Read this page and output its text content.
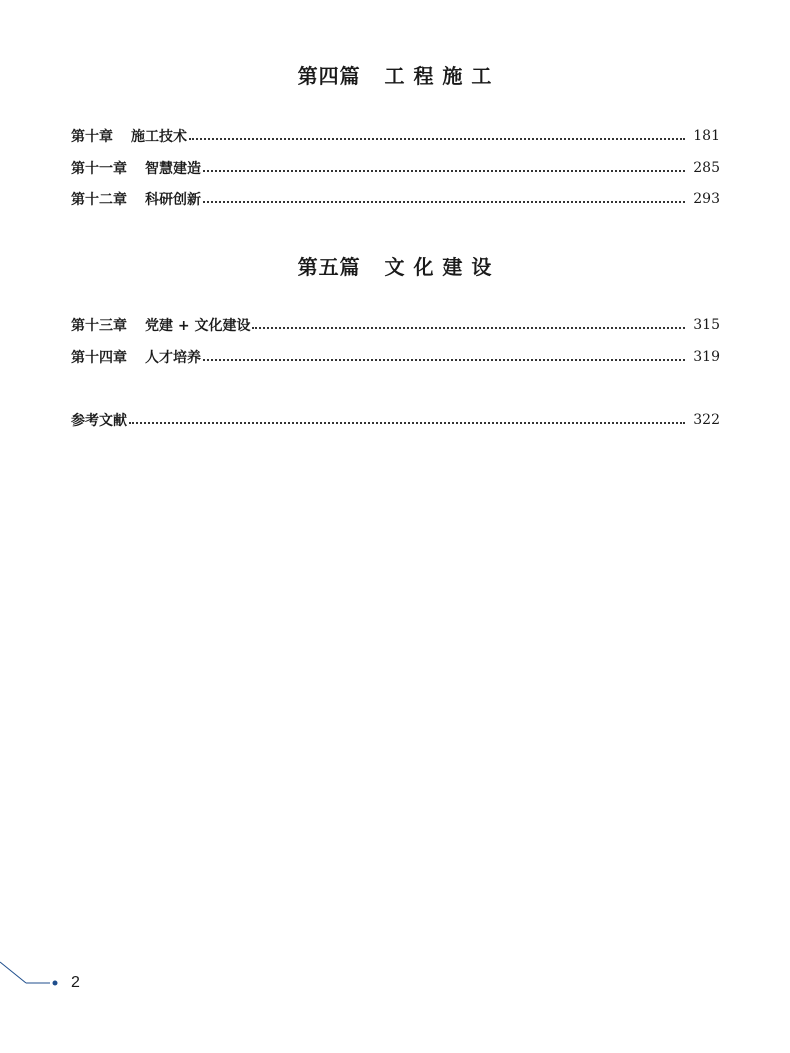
第四篇   工 程 施 工
第十章 施工技术	181
第十一章 智慧建造	285
第十二章 科研创新	293
第五篇   文 化 建 设
第十三章 党建 + 文化建设	315
第十四章 人才培养	319
参考文献	322
2
